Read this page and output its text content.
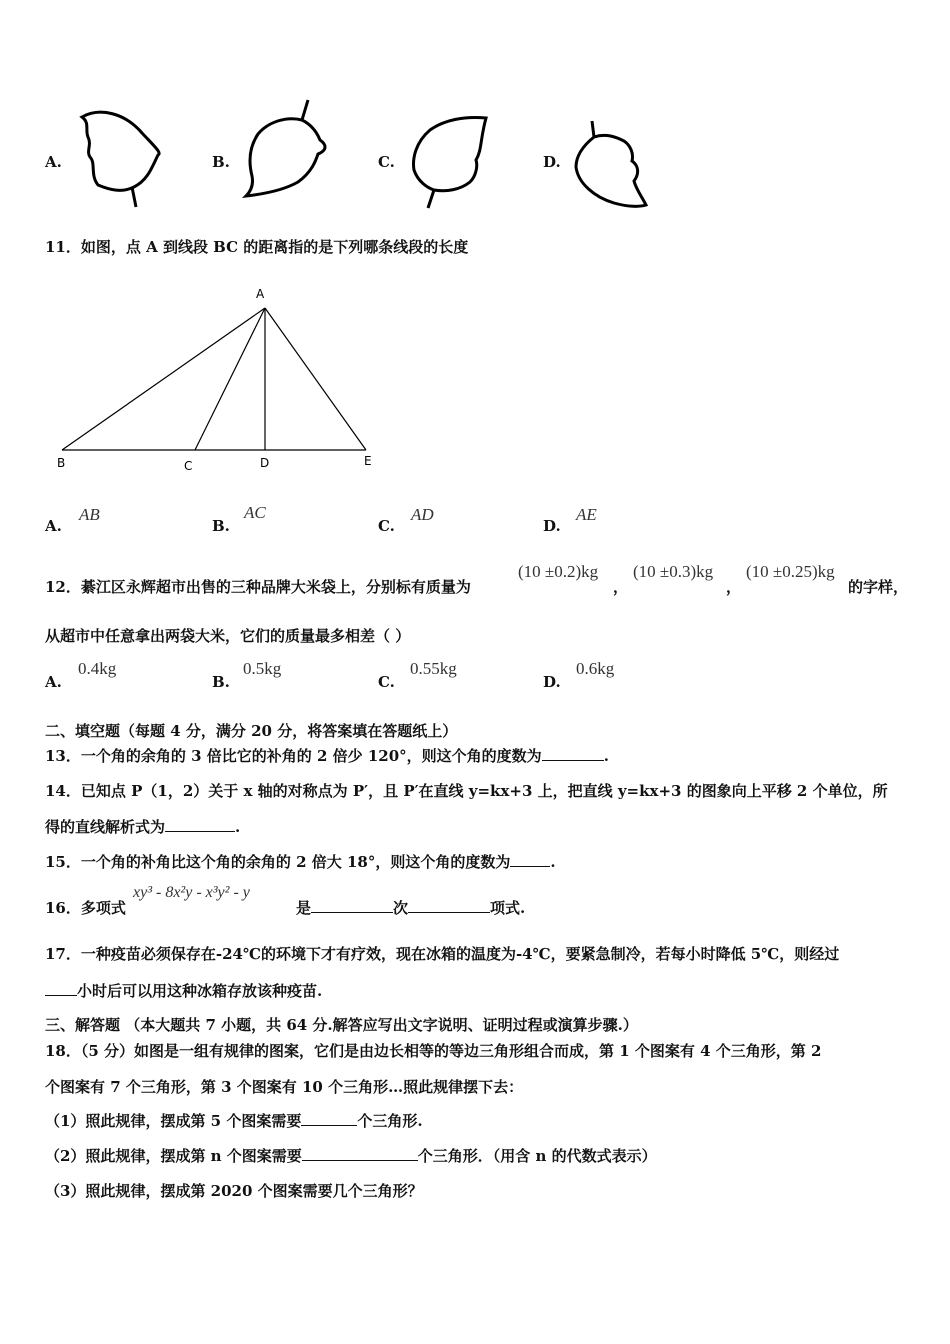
A.	B.	C.	D.
11．如图，点 A 到线段 BC 的距离指的是下列哪条线段的长度
A
B	C	D	E
A.
AB
B.
AC
C.
AD
D.
AE
12．綦江区永辉超市出售的三种品牌大米袋上，分别标有质量为
(10 ±0.2)kg
，
(10 ±0.3)kg
，
(10 ±0.25)kg
的字样，
从超市中任意拿出两袋大米，它们的质量最多相差（ ）
A.
0.4kg
B.
0.5kg
C.
0.55kg
D.
0.6kg
二、填空题（每题 4 分，满分 20 分，将答案填在答题纸上）
13．一个角的余角的 3 倍比它的补角的 2 倍少 120°，则这个角的度数为	.
14．已知点 P（1，2）关于 x 轴的对称点为 P′，且 P′在直线 y=kx+3 上，把直线 y=kx+3 的图象向上平移 2 个单位，所
得的直线解析式为	.
15．一个角的补角比这个角的余角的 2 倍大 18°，则这个角的度数为	.
16．多项式
xy³ - 8x²y - x³y² - y
是	次	项式.
17．一种疫苗必须保存在-24℃的环境下才有疗效，现在冰箱的温度为-4℃，要紧急制冷，若每小时降低 5℃，则经过
小时后可以用这种冰箱存放该种疫苗.
三、解答题 （本大题共 7 小题，共 64 分.解答应写出文字说明、证明过程或演算步骤.）
18．（5 分）如图是一组有规律的图案，它们是由边长相等的等边三角形组合而成，第 1 个图案有 4 个三角形，第 2
个图案有 7 个三角形，第 3 个图案有 10 个三角形…照此规律摆下去：
（1）照此规律，摆成第 5 个图案需要	个三角形.
（2）照此规律，摆成第 n 个图案需要	个三角形．（用含 n 的代数式表示）
（3）照此规律，摆成第 2020 个图案需要几个三角形？
